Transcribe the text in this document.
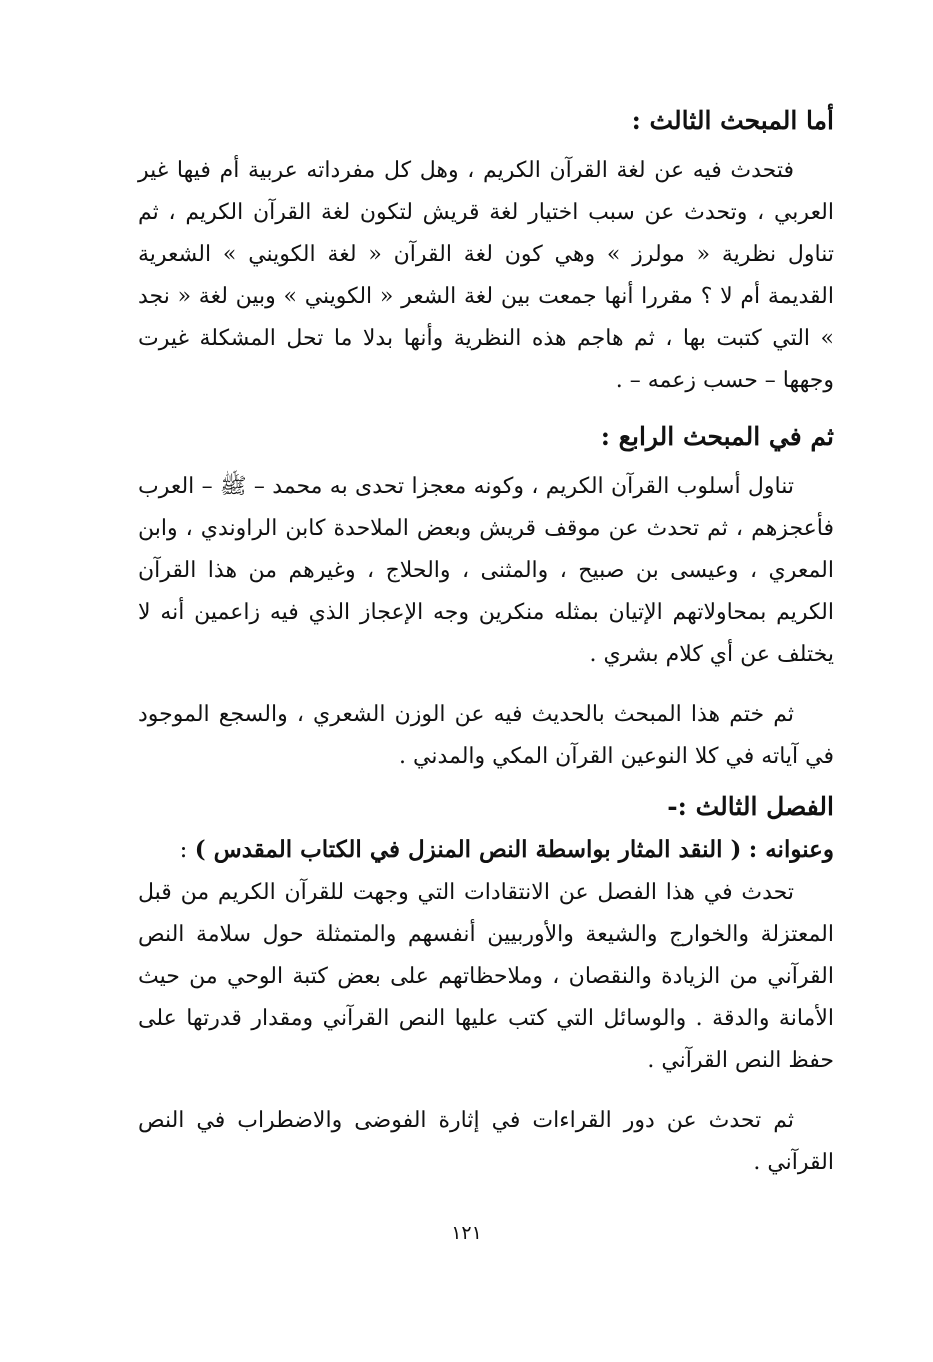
أما المبحث الثالث :

فتحدث فيه عن لغة القرآن الكريم ، وهل كل مفرداته عربية أم فيها غير العربي ، وتحدث عن سبب اختيار لغة قريش لتكون لغة القرآن الكريم ، ثم تناول نظرية « مولرز » وهي كون لغة القرآن « لغة الكويني » الشعرية القديمة أم لا ؟ مقررا أنها جمعت بين لغة الشعر « الكويني » وبين لغة « نجد » التي كتبت بها ، ثم هاجم هذه النظرية وأنها بدلا ما تحل المشكلة غيرت وجهها – حسب زعمه – .

ثم في المبحث الرابع :

تناول أسلوب القرآن الكريم ، وكونه معجزا تحدى به محمد – ﷺ – العرب فأعجزهم ، ثم تحدث عن موقف قريش وبعض الملاحدة كابن الراوندي ، وابن المعري ، وعيسى بن صبيح ، والمثنى ، والحلاج ، وغيرهم من هذا القرآن الكريم بمحاولاتهم الإتيان بمثله منكرين وجه الإعجاز الذي فيه زاعمين أنه لا يختلف عن أي كلام بشري .

ثم ختم هذا المبحث بالحديث فيه عن الوزن الشعري ، والسجع الموجود في آياته في كلا النوعين القرآن المكي والمدني .

الفصل الثالث :-

وعنوانه : ( النقد المثار بواسطة النص المنزل في الكتاب المقدس ) :

تحدث في هذا الفصل عن الانتقادات التي وجهت للقرآن الكريم من قبل المعتزلة والخوارج والشيعة والأوربيين أنفسهم والمتمثلة حول سلامة النص القرآني من الزيادة والنقصان ، وملاحظاتهم على بعض كتبة الوحي من حيث الأمانة والدقة . والوسائل التي كتب عليها النص القرآني ومقدار قدرتها على حفظ النص القرآني .

ثم تحدث عن دور القراءات في إثارة الفوضى والاضطراب في النص القرآني .

١٢١
